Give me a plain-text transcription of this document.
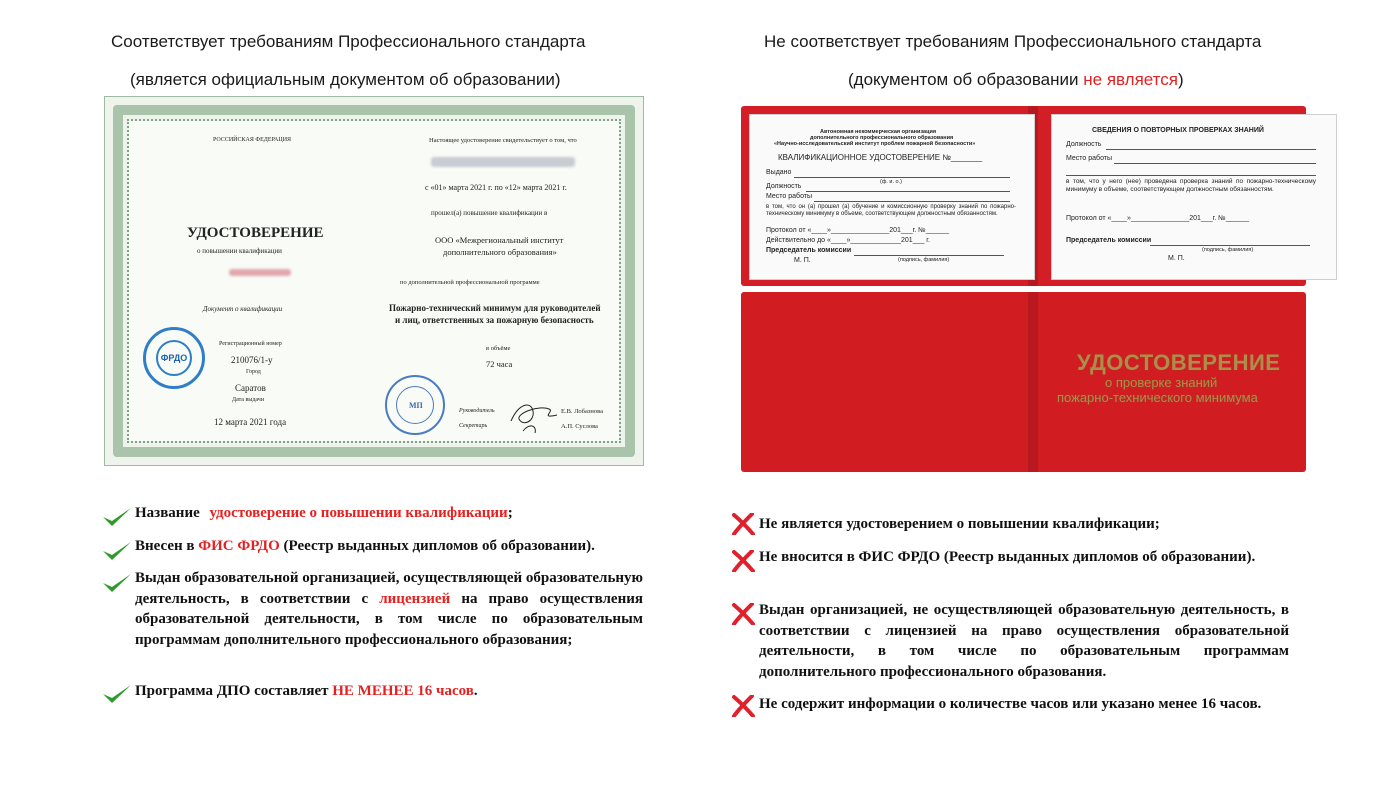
Соответствует требованиям Профессионального стандарта
(является официальным документом об образовании)
РОССИЙСКАЯ ФЕДЕРАЦИЯ
УДОСТОВЕРЕНИЕ
о повышении квалификации
Документ о квалификации
ФРДО
Регистрационный номер
210076/1-у
Город
Саратов
Дата выдачи
12 марта 2021 года
Настоящее удостоверение свидетельствует о том, что
с «01» марта 2021 г. по «12» марта 2021 г.
прошел(а) повышение квалификации в
ООО «Межрегиональный институт
дополнительного образования»
по дополнительной профессиональной программе
Пожарно-технический минимум для руководителей
и лиц, ответственных за пожарную безопасность
в объёме
72 часа
МП
Руководитель	Е.В. Лобазнова
Секретарь	А.П. Суслова
Название удостоверение о повышении квалификации;
Внесен в ФИС ФРДО (Реестр выданных дипломов об образовании).
Выдан образовательной организацией, осуществляющей образовательную деятельность, в соответствии с лицензией на право осуществления образовательной деятельности, в том числе по образовательным программам дополнительного профессионального образования;
Программа ДПО составляет НЕ МЕНЕЕ 16 часов.
Не соответствует требованиям Профессионального стандарта
(документом об образовании не является)
Автономная некоммерческая организация
дополнительного профессионального образования
«Научно-исследовательский институт проблем пожарной безопасности»
КВАЛИФИКАЦИОННОЕ УДОСТОВЕРЕНИЕ №_______
Выдано
(ф. и. о.)
Должность
Место работы
в том, что он (а) прошел (а) обучение и комиссионную проверку знаний по пожарно-техническому минимуму в объеме, соответствующем должностным обязанностям.
Протокол от «____»_______________201___г. №______
Действительно до «____»_____________201___ г.
Председатель комиссии
(подпись, фамилия)
М. П.
СВЕДЕНИЯ О ПОВТОРНЫХ ПРОВЕРКАХ ЗНАНИЙ
Должность
Место работы
в том, что у него (нее) проведена проверка знаний по пожарно-техническому минимуму в объеме, соответствующем должностным обязанностям.
Протокол от «____»_______________201___г. №______
Председатель комиссии
(подпись, фамилия)
М. П.
УДОСТОВЕРЕНИЕ
о проверке знаний
пожарно-технического минимума
Не является удостоверением о повышении квалификации;
Не вносится в ФИС ФРДО (Реестр выданных дипломов об образовании).
Выдан организацией, не осуществляющей образовательную деятельность, в соответствии с лицензией на право осуществления образовательной деятельности, в том числе по образовательным программам дополнительного профессионального образования.
Не содержит информации о количестве часов или указано менее 16 часов.
